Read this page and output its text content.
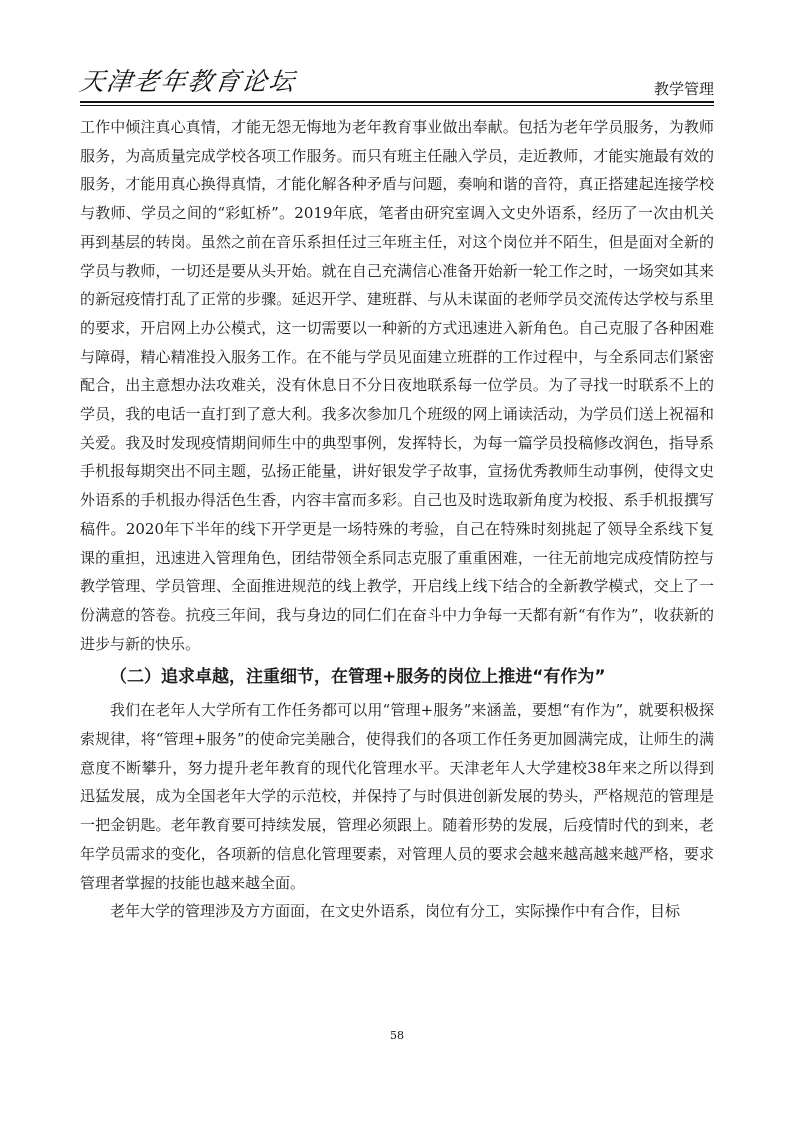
天津老年教育论坛	教学管理

工作中倾注真心真情，才能无怨无悔地为老年教育事业做出奉献。包括为老年学员服务，为教师服务，为高质量完成学校各项工作服务。而只有班主任融入学员，走近教师，才能实施最有效的服务，才能用真心换得真情，才能化解各种矛盾与问题，奏响和谐的音符，真正搭建起连接学校与教师、学员之间的“彩虹桥”。2019年底，笔者由研究室调入文史外语系，经历了一次由机关再到基层的转岗。虽然之前在音乐系担任过三年班主任，对这个岗位并不陌生，但是面对全新的学员与教师，一切还是要从头开始。就在自己充满信心准备开始新一轮工作之时，一场突如其来的新冠疫情打乱了正常的步骤。延迟开学、建班群、与从未谋面的老师学员交流传达学校与系里的要求，开启网上办公模式，这一切需要以一种新的方式迅速进入新角色。自己克服了各种困难与障碍，精心精准投入服务工作。在不能与学员见面建立班群的工作过程中，与全系同志们紧密配合，出主意想办法攻难关，没有休息日不分日夜地联系每一位学员。为了寻找一时联系不上的学员，我的电话一直打到了意大利。我多次参加几个班级的网上诵读活动，为学员们送上祝福和关爱。我及时发现疫情期间师生中的典型事例，发挥特长，为每一篇学员投稿修改润色，指导系手机报每期突出不同主题，弘扬正能量，讲好银发学子故事，宣扬优秀教师生动事例，使得文史外语系的手机报办得活色生香，内容丰富而多彩。自己也及时选取新角度为校报、系手机报撰写稿件。2020年下半年的线下开学更是一场特殊的考验，自己在特殊时刻挑起了领导全系线下复课的重担，迅速进入管理角色，团结带领全系同志克服了重重困难，一往无前地完成疫情防控与教学管理、学员管理、全面推进规范的线上教学，开启线上线下结合的全新教学模式，交上了一份满意的答卷。抗疫三年间，我与身边的同仁们在奋斗中力争每一天都有新“有作为”，收获新的进步与新的快乐。

（二）追求卓越，注重细节，在管理+服务的岗位上推进“有作为”

我们在老年人大学所有工作任务都可以用“管理+服务”来涵盖，要想“有作为”，就要积极探索规律，将“管理+服务”的使命完美融合，使得我们的各项工作任务更加圆满完成，让师生的满意度不断攀升，努力提升老年教育的现代化管理水平。天津老年人大学建校38年来之所以得到迅猛发展，成为全国老年大学的示范校，并保持了与时俱进创新发展的势头，严格规范的管理是一把金钥匙。老年教育要可持续发展，管理必须跟上。随着形势的发展，后疫情时代的到来，老年学员需求的变化，各项新的信息化管理要素，对管理人员的要求会越来越高越来越严格，要求管理者掌握的技能也越来越全面。

老年大学的管理涉及方方面面，在文史外语系，岗位有分工，实际操作中有合作，目标

58
